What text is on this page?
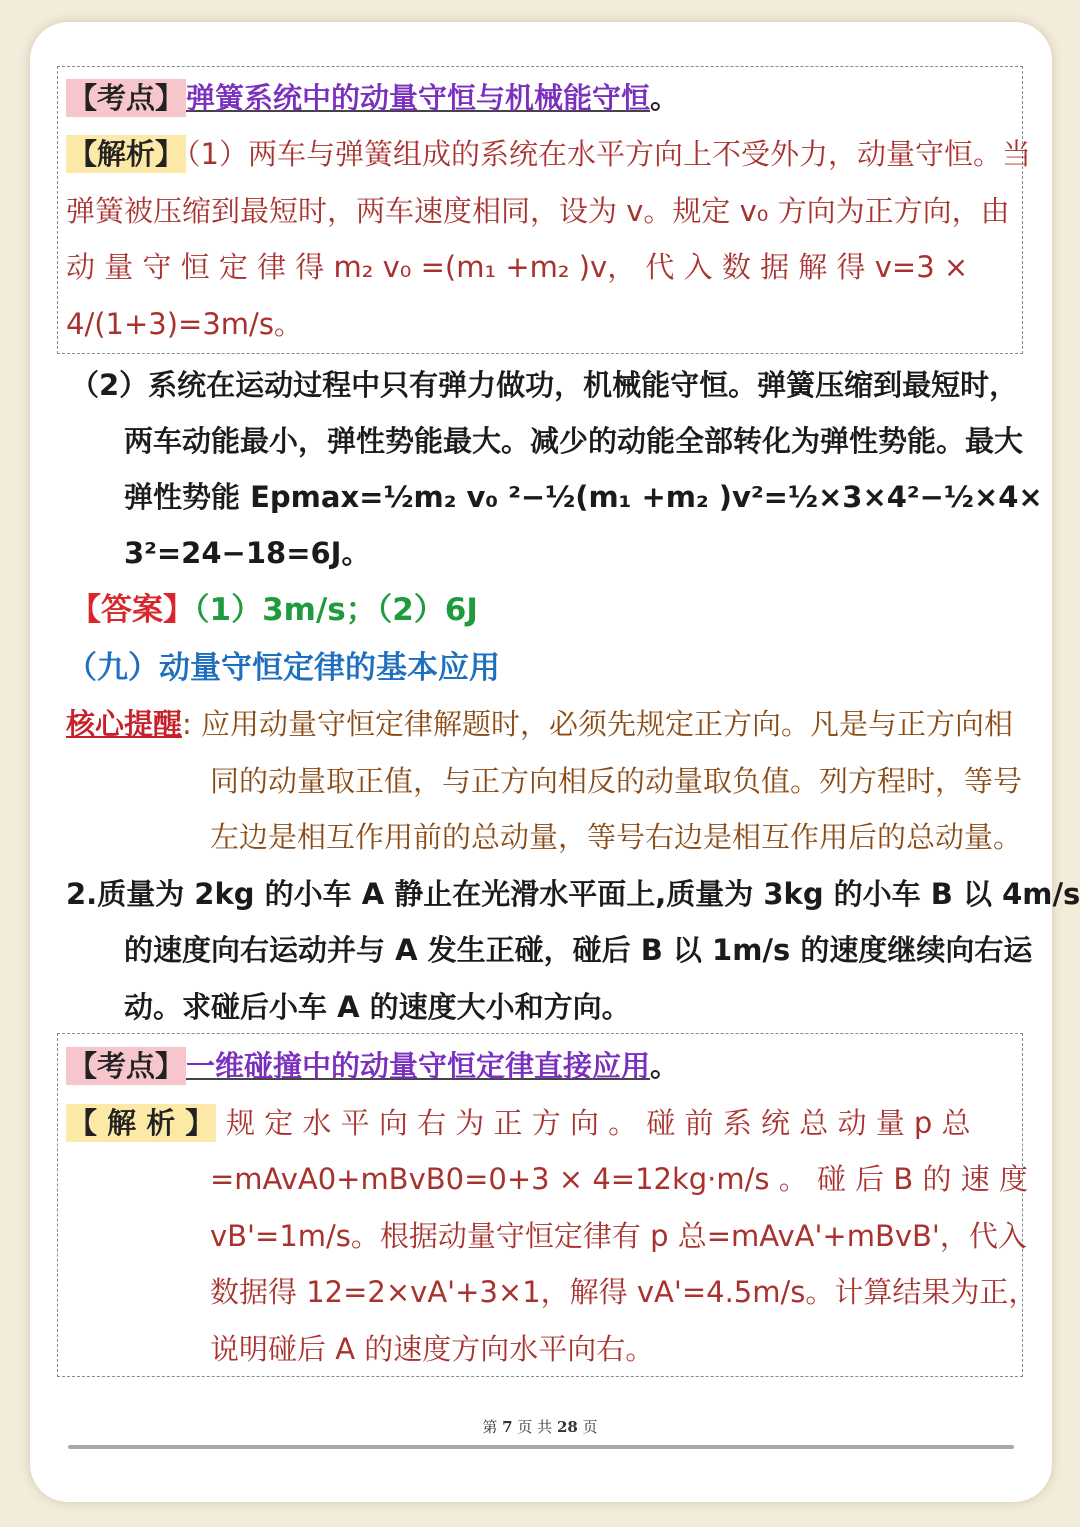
【考点】弹簧系统中的动量守恒与机械能守恒。
【解析】（1）两车与弹簧组成的系统在水平方向上不受外力，动量守恒。当
弹簧被压缩到最短时，两车速度相同，设为 v。规定 v₀ 方向为正方向，由
动 量 守 恒 定 律 得 m₂ v₀ =(m₁ +m₂ )v， 代 入 数 据 解 得 v=3 ×
4/(1+3)=3m/s。
（2）系统在运动过程中只有弹力做功，机械能守恒。弹簧压缩到最短时，
两车动能最小，弹性势能最大。减少的动能全部转化为弹性势能。最大
弹性势能 Epmax=½m₂ v₀ ²−½(m₁ +m₂ )v²=½×3×4²−½×4×
3²=24−18=6J。
【答案】（1）3m/s；（2）6J
（九）动量守恒定律的基本应用
核心提醒: 应用动量守恒定律解题时，必须先规定正方向。凡是与正方向相
同的动量取正值，与正方向相反的动量取负值。列方程时，等号
左边是相互作用前的总动量，等号右边是相互作用后的总动量。
2.质量为 2kg 的小车 A 静止在光滑水平面上,质量为 3kg 的小车 B 以 4m/s
的速度向右运动并与 A 发生正碰，碰后 B 以 1m/s 的速度继续向右运
动。求碰后小车 A 的速度大小和方向。
【考点】一维碰撞中的动量守恒定律直接应用。
【 解 析 】 规 定 水 平 向 右 为 正 方 向 。 碰 前 系 统 总 动 量 p 总
=mAvA0+mBvB0=0+3 × 4=12kg·m/s 。 碰 后 B 的 速 度
vB'=1m/s。根据动量守恒定律有 p 总=mAvA'+mBvB'，代入
数据得 12=2×vA'+3×1，解得 vA'=4.5m/s。计算结果为正，
说明碰后 A 的速度方向水平向右。
第 7 页 共 28 页
